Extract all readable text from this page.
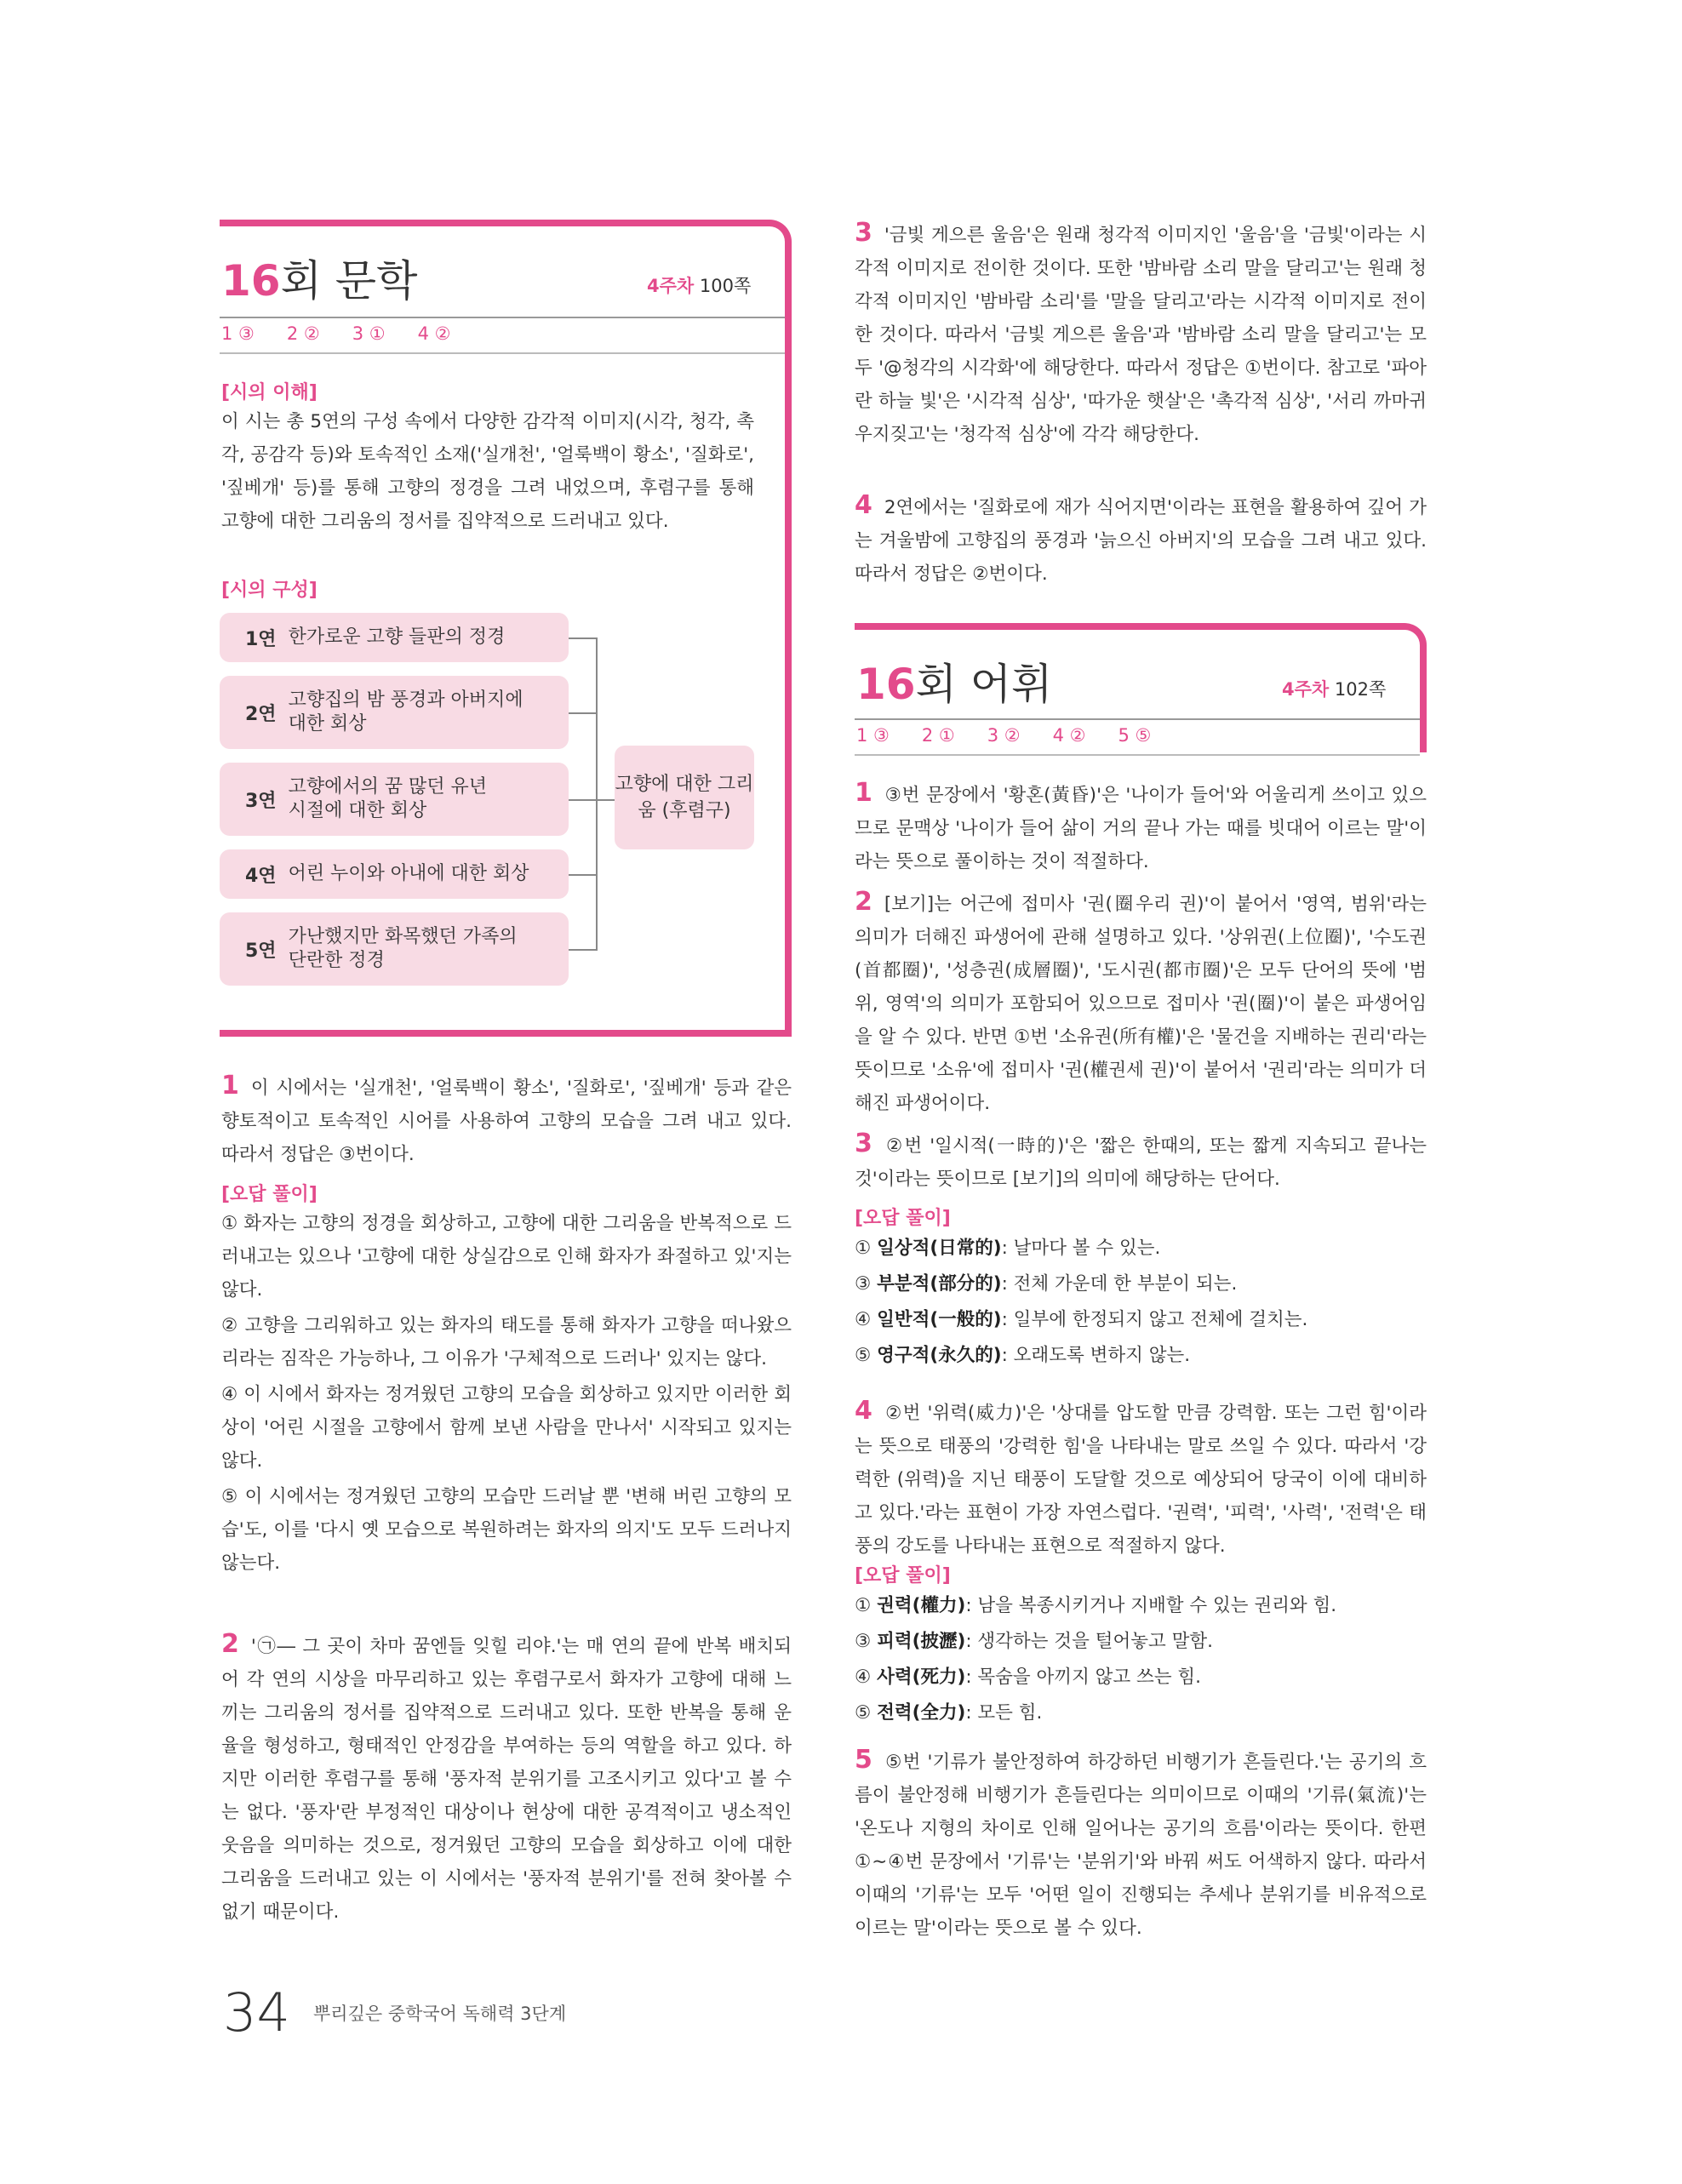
16회 문학	4주차 100쪽
1 ③ 2 ② 3 ① 4 ②
[시의 이해]
이 시는 총 5연의 구성 속에서 다양한 감각적 이미지(시각, 청각, 촉각, 공감각 등)와 토속적인 소재('실개천', '얼룩백이 황소', '질화로', '짚베개' 등)를 통해 고향의 정경을 그려 내었으며, 후렴구를 통해 고향에 대한 그리움의 정서를 집약적으로 드러내고 있다.
[시의 구성]
1연 한가로운 고향 들판의 정경
2연
고향집의 밤 풍경과 아버지에 대한 회상
3연
고향에서의 꿈 많던 유년 시절에 대한 회상
4연 어린 누이와 아내에 대한 회상
5연
가난했지만 화목했던 가족의 단란한 정경
고향에 대한 그리움 (후렴구)
1 이 시에서는 '실개천', '얼룩백이 황소', '질화로', '짚베개' 등과 같은 향토적이고 토속적인 시어를 사용하여 고향의 모습을 그려 내고 있다. 따라서 정답은 ③번이다.
[오답 풀이]
① 화자는 고향의 정경을 회상하고, 고향에 대한 그리움을 반복적으로 드러내고는 있으나 '고향에 대한 상실감으로 인해 화자가 좌절하고 있'지는 않다.
② 고향을 그리워하고 있는 화자의 태도를 통해 화자가 고향을 떠나왔으리라는 짐작은 가능하나, 그 이유가 '구체적으로 드러나' 있지는 않다.
④ 이 시에서 화자는 정겨웠던 고향의 모습을 회상하고 있지만 이러한 회상이 '어린 시절을 고향에서 함께 보낸 사람을 만나서' 시작되고 있지는 않다.
⑤ 이 시에서는 정겨웠던 고향의 모습만 드러날 뿐 '변해 버린 고향의 모습'도, 이를 '다시 옛 모습으로 복원하려는 화자의 의지'도 모두 드러나지 않는다.
2 '㉠― 그 곳이 차마 꿈엔들 잊힐 리야.'는 매 연의 끝에 반복 배치되어 각 연의 시상을 마무리하고 있는 후렴구로서 화자가 고향에 대해 느끼는 그리움의 정서를 집약적으로 드러내고 있다. 또한 반복을 통해 운율을 형성하고, 형태적인 안정감을 부여하는 등의 역할을 하고 있다. 하지만 이러한 후렴구를 통해 '풍자적 분위기를 고조시키고 있다'고 볼 수는 없다. '풍자'란 부정적인 대상이나 현상에 대한 공격적이고 냉소적인 웃음을 의미하는 것으로, 정겨웠던 고향의 모습을 회상하고 이에 대한 그리움을 드러내고 있는 이 시에서는 '풍자적 분위기'를 전혀 찾아볼 수 없기 때문이다.
3 '금빛 게으른 울음'은 원래 청각적 이미지인 '울음'을 '금빛'이라는 시각적 이미지로 전이한 것이다. 또한 '밤바람 소리 말을 달리고'는 원래 청각적 이미지인 '밤바람 소리'를 '말을 달리고'라는 시각적 이미지로 전이한 것이다. 따라서 '금빛 게으른 울음'과 '밤바람 소리 말을 달리고'는 모두 '@청각의 시각화'에 해당한다. 따라서 정답은 ①번이다. 참고로 '파아란 하늘 빛'은 '시각적 심상', '따가운 햇살'은 '촉각적 심상', '서리 까마귀 우지짖고'는 '청각적 심상'에 각각 해당한다.
4 2연에서는 '질화로에 재가 식어지면'이라는 표현을 활용하여 깊어 가는 겨울밤에 고향집의 풍경과 '늙으신 아버지'의 모습을 그려 내고 있다. 따라서 정답은 ②번이다.
16회 어휘	4주차 102쪽
1 ③ 2 ① 3 ② 4 ② 5 ⑤
1 ③번 문장에서 '황혼(黃昏)'은 '나이가 들어'와 어울리게 쓰이고 있으므로 문맥상 '나이가 들어 삶이 거의 끝나 가는 때를 빗대어 이르는 말'이라는 뜻으로 풀이하는 것이 적절하다.
2 [보기]는 어근에 접미사 '권(圈우리 권)'이 붙어서 '영역, 범위'라는 의미가 더해진 파생어에 관해 설명하고 있다. '상위권(上位圈)', '수도권(首都圈)', '성층권(成層圈)', '도시권(都市圈)'은 모두 단어의 뜻에 '범위, 영역'의 의미가 포함되어 있으므로 접미사 '권(圈)'이 붙은 파생어임을 알 수 있다. 반면 ①번 '소유권(所有權)'은 '물건을 지배하는 권리'라는 뜻이므로 '소유'에 접미사 '권(權권세 권)'이 붙어서 '권리'라는 의미가 더해진 파생어이다.
3 ②번 '일시적(一時的)'은 '짧은 한때의, 또는 짧게 지속되고 끝나는 것'이라는 뜻이므로 [보기]의 의미에 해당하는 단어다.
[오답 풀이]
① 일상적(日常的): 날마다 볼 수 있는.
③ 부분적(部分的): 전체 가운데 한 부분이 되는.
④ 일반적(一般的): 일부에 한정되지 않고 전체에 걸치는.
⑤ 영구적(永久的): 오래도록 변하지 않는.
4 ②번 '위력(威力)'은 '상대를 압도할 만큼 강력함. 또는 그런 힘'이라는 뜻으로 태풍의 '강력한 힘'을 나타내는 말로 쓰일 수 있다. 따라서 '강력한 (위력)을 지닌 태풍이 도달할 것으로 예상되어 당국이 이에 대비하고 있다.'라는 표현이 가장 자연스럽다. '권력', '피력', '사력', '전력'은 태풍의 강도를 나타내는 표현으로 적절하지 않다.
[오답 풀이]
① 권력(權力): 남을 복종시키거나 지배할 수 있는 권리와 힘.
③ 피력(披瀝): 생각하는 것을 털어놓고 말함.
④ 사력(死力): 목숨을 아끼지 않고 쓰는 힘.
⑤ 전력(全力): 모든 힘.
5 ⑤번 '기류가 불안정하여 하강하던 비행기가 흔들린다.'는 공기의 흐름이 불안정해 비행기가 흔들린다는 의미이므로 이때의 '기류(氣流)'는 '온도나 지형의 차이로 인해 일어나는 공기의 흐름'이라는 뜻이다. 한편 ①∼④번 문장에서 '기류'는 '분위기'와 바꿔 써도 어색하지 않다. 따라서 이때의 '기류'는 모두 '어떤 일이 진행되는 추세나 분위기를 비유적으로 이르는 말'이라는 뜻으로 볼 수 있다.
34 뿌리깊은 중학국어 독해력 3단계
